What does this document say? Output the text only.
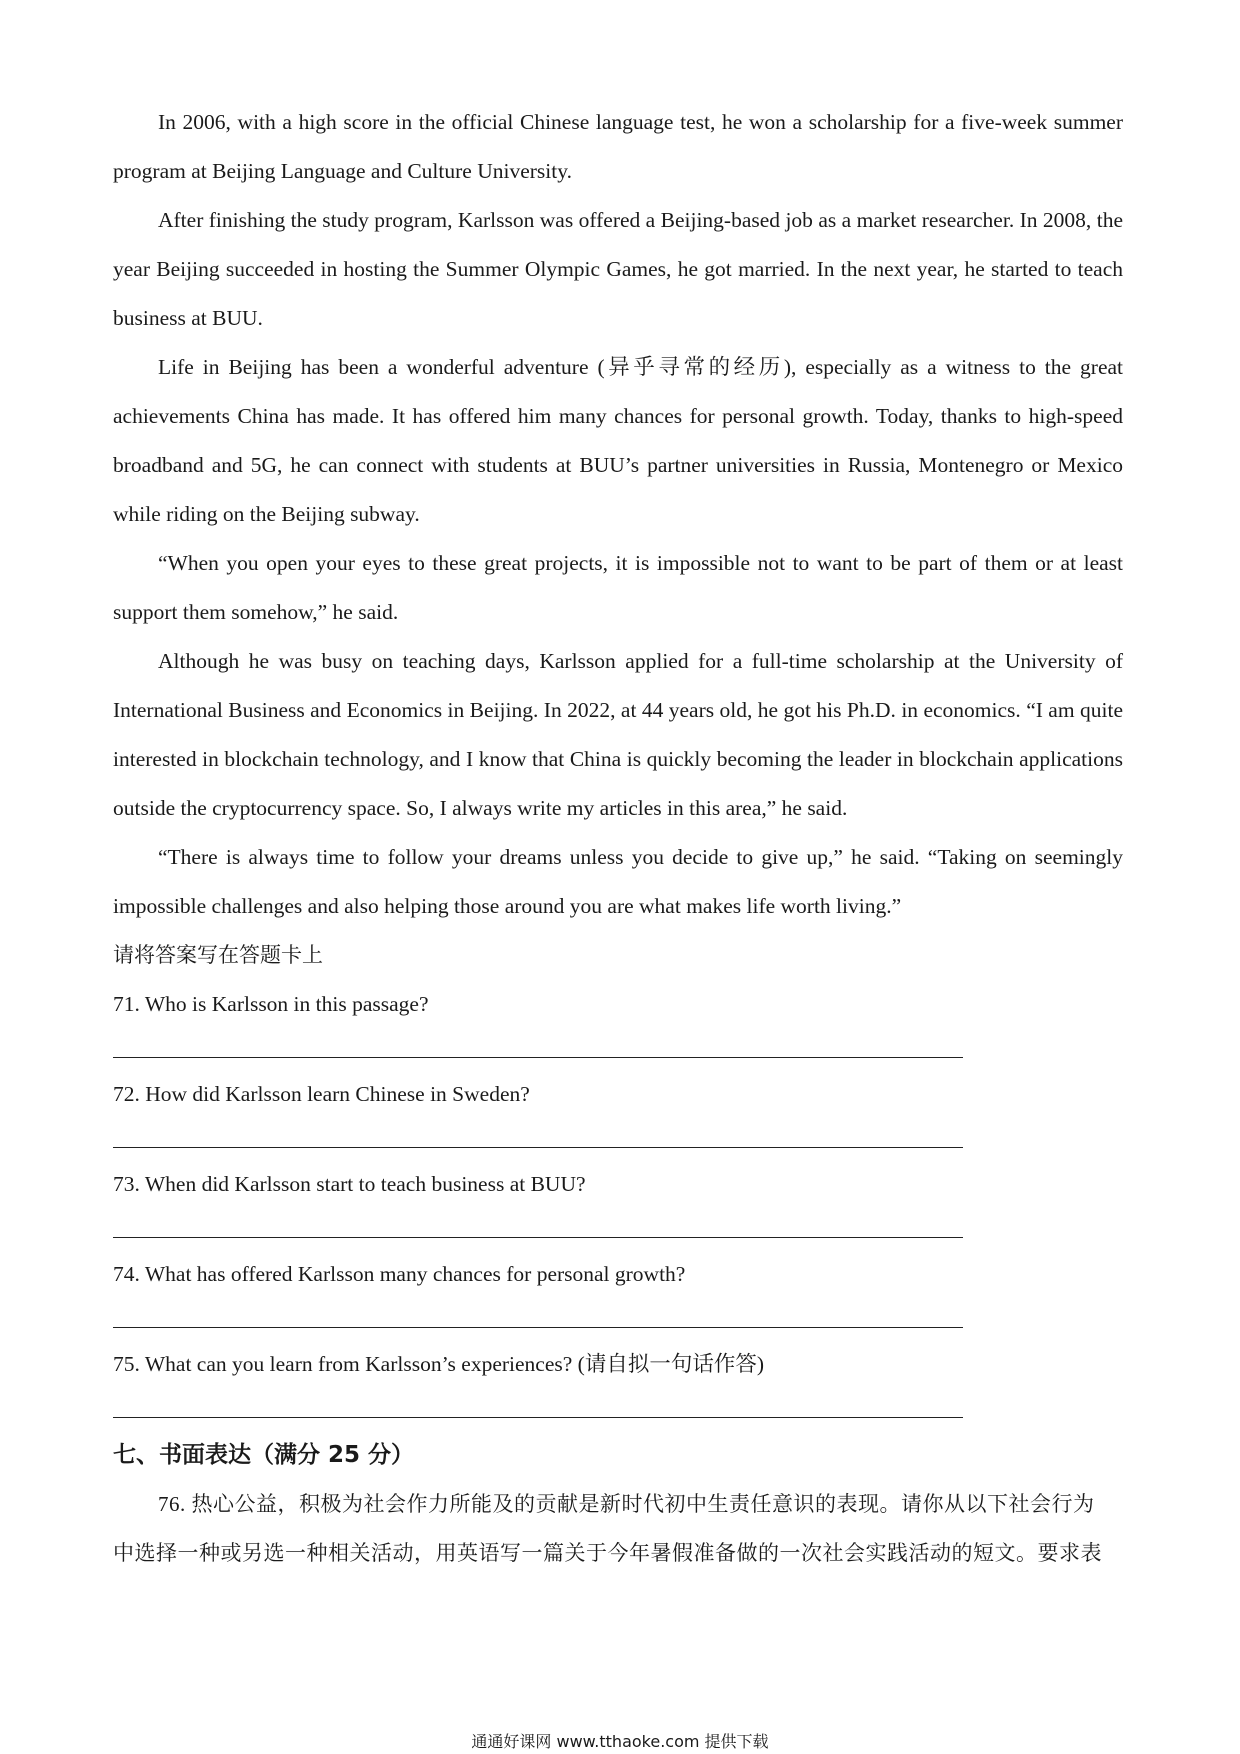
In 2006, with a high score in the official Chinese language test, he won a scholarship for a five-week summer program at Beijing Language and Culture University.

After finishing the study program, Karlsson was offered a Beijing-based job as a market researcher. In 2008, the year Beijing succeeded in hosting the Summer Olympic Games, he got married. In the next year, he started to teach business at BUU.

Life in Beijing has been a wonderful adventure (异乎寻常的经历), especially as a witness to the great achievements China has made. It has offered him many chances for personal growth. Today, thanks to high-speed broadband and 5G, he can connect with students at BUU’s partner universities in Russia, Montenegro or Mexico while riding on the Beijing subway.

“When you open your eyes to these great projects, it is impossible not to want to be part of them or at least support them somehow,” he said.

Although he was busy on teaching days, Karlsson applied for a full-time scholarship at the University of International Business and Economics in Beijing. In 2022, at 44 years old, he got his Ph.D. in economics. “I am quite interested in blockchain technology, and I know that China is quickly becoming the leader in blockchain applications outside the cryptocurrency space. So, I always write my articles in this area,” he said.

“There is always time to follow your dreams unless you decide to give up,” he said. “Taking on seemingly impossible challenges and also helping those around you are what makes life worth living.”

请将答案写在答题卡上

71. Who is Karlsson in this passage?

72. How did Karlsson learn Chinese in Sweden?

73. When did Karlsson start to teach business at BUU?

74. What has offered Karlsson many chances for personal growth?

75. What can you learn from Karlsson’s experiences? (请自拟一句话作答)

七、书面表达（满分 25 分）

76. 热心公益，积极为社会作力所能及的贡献是新时代初中生责任意识的表现。请你从以下社会行为

中选择一种或另选一种相关活动，用英语写一篇关于今年暑假准备做的一次社会实践活动的短文。要求表

通通好课网 www.tthaoke.com 提供下载
